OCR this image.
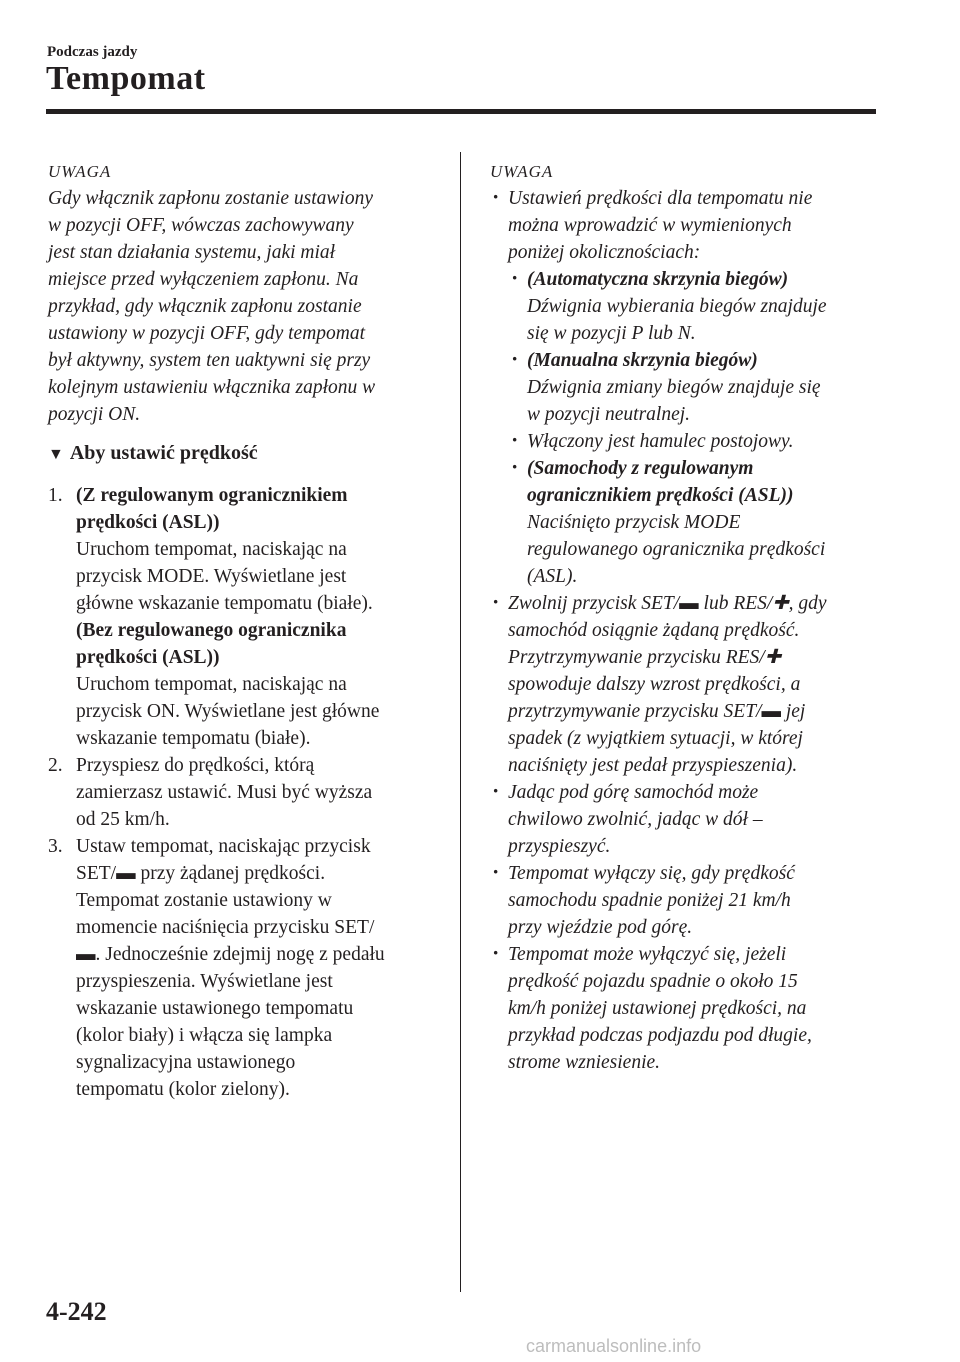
Podczas jazdy
Tempomat

UWAGA

Gdy włącznik zapłonu zostanie ustawiony

w pozycji OFF, wówczas zachowywany

jest stan działania systemu, jaki miał

miejsce przed wyłączeniem zapłonu. Na

przykład, gdy włącznik zapłonu zostanie

ustawiony w pozycji OFF, gdy tempomat

był aktywny, system ten uaktywni się przy

kolejnym ustawieniu włącznika zapłonu w

pozycji ON.

▼ Aby ustawić prędkość

1. (Z regulowanym ogranicznikiem

prędkości (ASL))

Uruchom tempomat, naciskając na

przycisk MODE. Wyświetlane jest

główne wskazanie tempomatu (białe).

(Bez regulowanego ogranicznika

prędkości (ASL))

Uruchom tempomat, naciskając na

przycisk ON. Wyświetlane jest główne

wskazanie tempomatu (białe).

2. Przyspiesz do prędkości, którą

zamierzasz ustawić. Musi być wyższa

od 25 km/h.

3. Ustaw tempomat, naciskając przycisk

SET/▬ przy żądanej prędkości.

Tempomat zostanie ustawiony w

momencie naciśnięcia przycisku SET/

▬. Jednocześnie zdejmij nogę z pedału

przyspieszenia. Wyświetlane jest

wskazanie ustawionego tempomatu

(kolor biały) i włącza się lampka

sygnalizacyjna ustawionego

tempomatu (kolor zielony).

UWAGA

· Ustawień prędkości dla tempomatu nie

można wprowadzić w wymienionych

poniżej okolicznościach:

· (Automatyczna skrzynia biegów)

Dźwignia wybierania biegów znajduje

się w pozycji P lub N.

· (Manualna skrzynia biegów)

Dźwignia zmiany biegów znajduje się

w pozycji neutralnej.

· Włączony jest hamulec postojowy.

· (Samochody z regulowanym

ogranicznikiem prędkości (ASL))

Naciśnięto przycisk MODE

regulowanego ogranicznika prędkości

(ASL).

· Zwolnij przycisk SET/▬ lub RES/✚, gdy

samochód osiągnie żądaną prędkość.

Przytrzymywanie przycisku RES/✚

spowoduje dalszy wzrost prędkości, a

przytrzymywanie przycisku SET/▬ jej

spadek (z wyjątkiem sytuacji, w której

naciśnięty jest pedał przyspieszenia).

· Jadąc pod górę samochód może

chwilowo zwolnić, jadąc w dół –

przyspieszyć.

· Tempomat wyłączy się, gdy prędkość

samochodu spadnie poniżej 21 km/h

przy wjeździe pod górę.

· Tempomat może wyłączyć się, jeżeli

prędkość pojazdu spadnie o około 15

km/h poniżej ustawionej prędkości, na

przykład podczas podjazdu pod długie,

strome wzniesienie.

4-242
carmanualsonline.info
